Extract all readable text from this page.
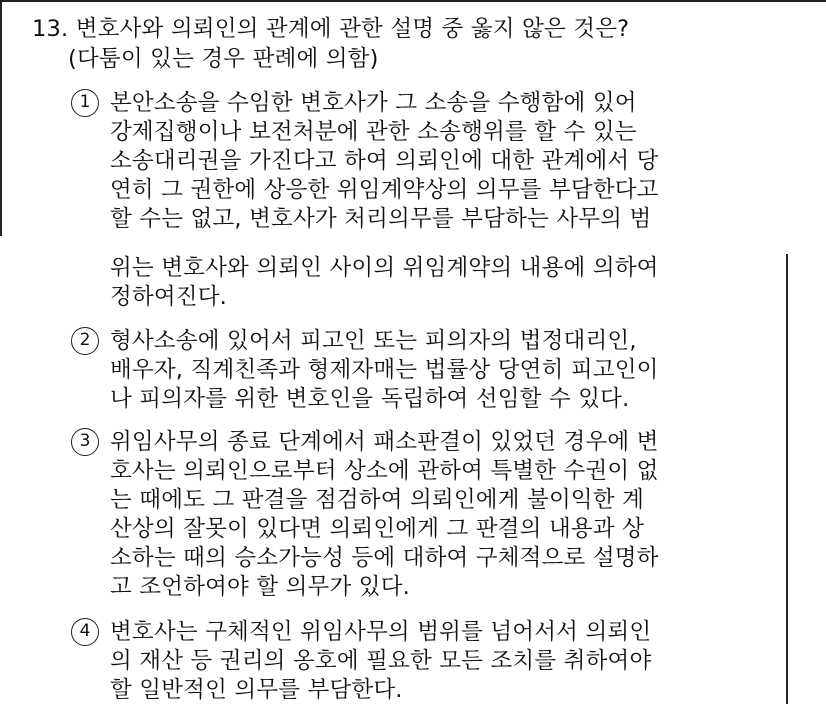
13. 변호사와 의뢰인의 관계에 관한 설명 중 옳지 않은 것은?
(다툼이 있는 경우 판례에 의함)
1 본안소송을 수임한 변호사가 그 소송을 수행함에 있어
강제집행이나 보전처분에 관한 소송행위를 할 수 있는
소송대리권을 가진다고 하여 의뢰인에 대한 관계에서 당
연히 그 권한에 상응한 위임계약상의 의무를 부담한다고
할 수는 없고, 변호사가 처리의무를 부담하는 사무의 범
위는 변호사와 의뢰인 사이의 위임계약의 내용에 의하여
정하여진다.
2 형사소송에 있어서 피고인 또는 피의자의 법정대리인,
배우자, 직계친족과 형제자매는 법률상 당연히 피고인이
나 피의자를 위한 변호인을 독립하여 선임할 수 있다.
3 위임사무의 종료 단계에서 패소판결이 있었던 경우에 변
호사는 의뢰인으로부터 상소에 관하여 특별한 수권이 없
는 때에도 그 판결을 점검하여 의뢰인에게 불이익한 계
산상의 잘못이 있다면 의뢰인에게 그 판결의 내용과 상
소하는 때의 승소가능성 등에 대하여 구체적으로 설명하
고 조언하여야 할 의무가 있다.
4 변호사는 구체적인 위임사무의 범위를 넘어서서 의뢰인
의 재산 등 권리의 옹호에 필요한 모든 조치를 취하여야
할 일반적인 의무를 부담한다.
